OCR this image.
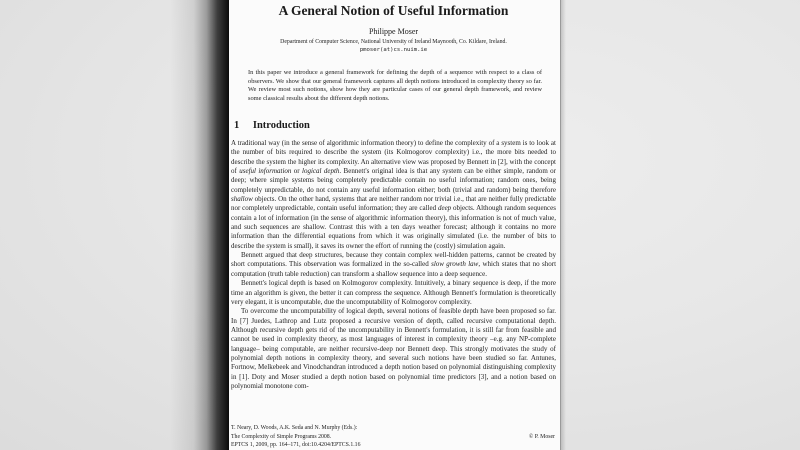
A General Notion of Useful Information
Philippe Moser
Department of Computer Science, National University of Ireland Maynooth, Co. Kildare, Ireland.
pmoser(at)cs.nuim.ie
In this paper we introduce a general framework for defining the depth of a sequence with respect to a class of observers. We show that our general framework captures all depth notions introduced in complexity theory so far. We review most such notions, show how they are particular cases of our general depth framework, and review some classical results about the different depth notions.
1 Introduction

A traditional way (in the sense of algorithmic information theory) to define the complexity of a system is to look at the number of bits required to describe the system (its Kolmogorov complexity) i.e., the more bits needed to describe the system the higher its complexity. An alternative view was proposed by Bennett in [2], with the concept of useful information or logical depth. Bennett's original idea is that any system can be either simple, random or deep; where simple systems being completely predictable contain no useful information; random ones, being completely unpredictable, do not contain any useful information either; both (trivial and random) being therefore shallow objects. On the other hand, systems that are neither random nor trivial i.e., that are neither fully predictable nor completely unpredictable, contain useful information; they are called deep objects. Although random sequences contain a lot of information (in the sense of algorithmic information theory), this information is not of much value, and such sequences are shallow. Contrast this with a ten days weather forecast; although it contains no more information than the differential equations from which it was originally simulated (i.e. the number of bits to describe the system is small), it saves its owner the effort of running the (costly) simulation again.

Bennett argued that deep structures, because they contain complex well-hidden patterns, cannot be created by short computations. This observation was formalized in the so-called slow growth law, which states that no short computation (truth table reduction) can transform a shallow sequence into a deep sequence.

Bennett's logical depth is based on Kolmogorov complexity. Intuitively, a binary sequence is deep, if the more time an algorithm is given, the better it can compress the sequence. Although Bennett's formulation is theoretically very elegant, it is uncomputable, due the uncomputability of Kolmogorov complexity.

To overcome the uncomputability of logical depth, several notions of feasible depth have been proposed so far. In [7] Juedes, Lathrop and Lutz proposed a recursive version of depth, called recursive computational depth. Although recursive depth gets rid of the uncomputability in Bennett's formulation, it is still far from feasible and cannot be used in complexity theory, as most languages of interest in complexity theory –e.g. any NP-complete language– being computable, are neither recursive-deep nor Bennett deep. This strongly motivates the study of polynomial depth notions in complexity theory, and several such notions have been studied so far. Antunes, Fortnow, Melkebeek and Vinodchandran introduced a depth notion based on polynomial distinguishing complexity in [1]. Doty and Moser studied a depth notion based on polynomial time predictors [3], and a notion based on polynomial monotone com-

T. Neary, D. Woods, A.K. Seda and N. Murphy (Eds.):
The Complexity of Simple Programs 2008.
EPTCS 1, 2009, pp. 164–171, doi:10.4204/EPTCS.1.16
© P. Moser
